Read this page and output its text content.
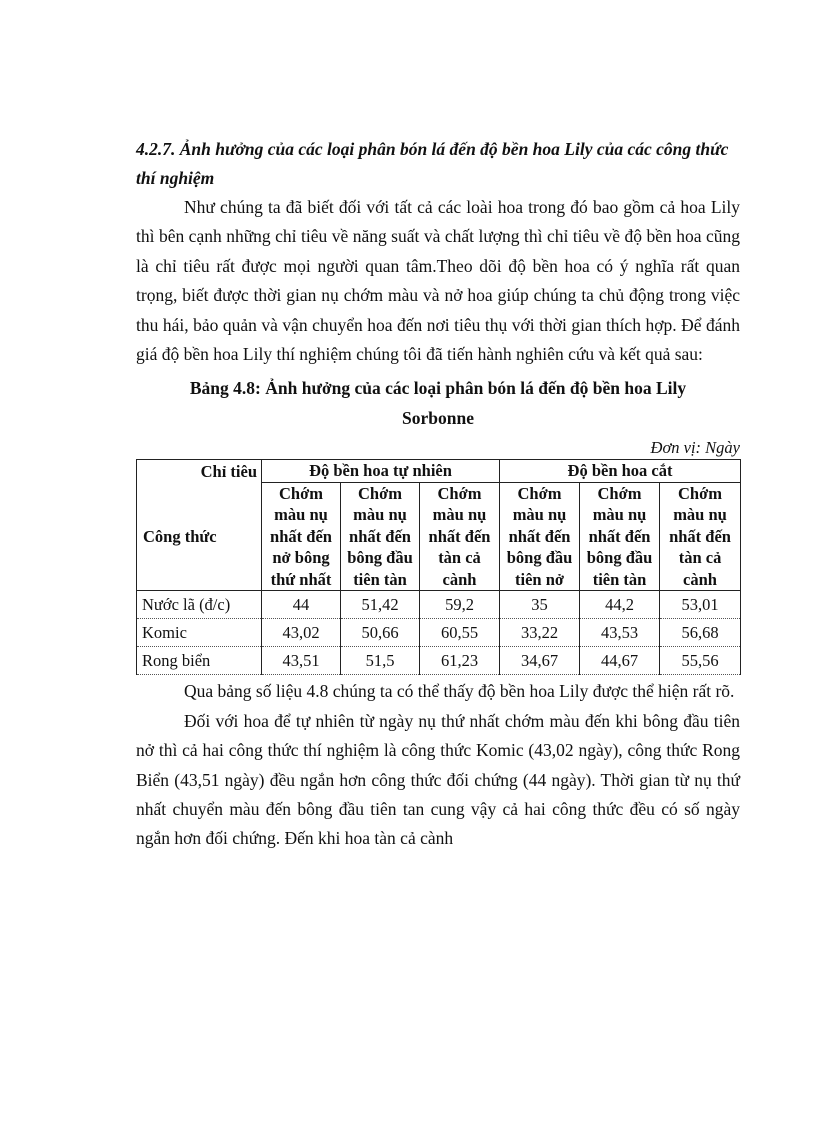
4.2.7. Ảnh hưởng của các loại phân bón lá đến độ bền hoa Lily của các công thức thí nghiệm

Như chúng ta đã biết đối với tất cả các loài hoa trong đó bao gồm cả hoa Lily thì bên cạnh những chỉ tiêu về năng suất và chất lượng thì chỉ tiêu về độ bền hoa cũng là chỉ tiêu rất được mọi người quan tâm.Theo dõi độ bền hoa có ý nghĩa rất quan trọng, biết được thời gian nụ chớm màu và nở hoa giúp chúng ta chủ động trong việc thu hái, bảo quản và vận chuyển hoa đến nơi tiêu thụ với thời gian thích hợp. Để đánh giá độ bền hoa Lily thí nghiệm chúng tôi đã tiến hành nghiên cứu và kết quả sau:

Bảng 4.8: Ảnh hưởng của các loại phân bón lá đến độ bền hoa Lily
Sorbonne

Đơn vị: Ngày

Chỉ tiêu	Độ bền hoa tự nhiên			Độ bền hoa cắt		
Công thức	Chớm màu nụ nhất đến nở bông thứ nhất	Chớm màu nụ nhất đến bông đầu tiên tàn	Chớm màu nụ nhất đến tàn cả cành	Chớm màu nụ nhất đến bông đầu tiên nở	Chớm màu nụ nhất đến bông đầu tiên tàn	Chớm màu nụ nhất đến tàn cả cành
Nước lã (đ/c)	44	51,42	59,2	35	44,2	53,01
Komic	43,02	50,66	60,55	33,22	43,53	56,68
Rong biển	43,51	51,5	61,23	34,67	44,67	55,56

Qua bảng số liệu 4.8 chúng ta có thể thấy độ bền hoa Lily được thể hiện rất rõ.

Đối với hoa để tự nhiên từ ngày nụ thứ nhất chớm màu đến khi bông đầu tiên nở thì cả hai công thức thí nghiệm là công thức Komic (43,02 ngày), công thức Rong Biển (43,51 ngày) đều ngắn hơn công thức đối chứng (44 ngày). Thời gian từ nụ thứ nhất chuyển màu đến bông đầu tiên tan cung vậy cả hai công thức đều có số ngày ngắn hơn đối chứng. Đến khi hoa tàn cả cành
